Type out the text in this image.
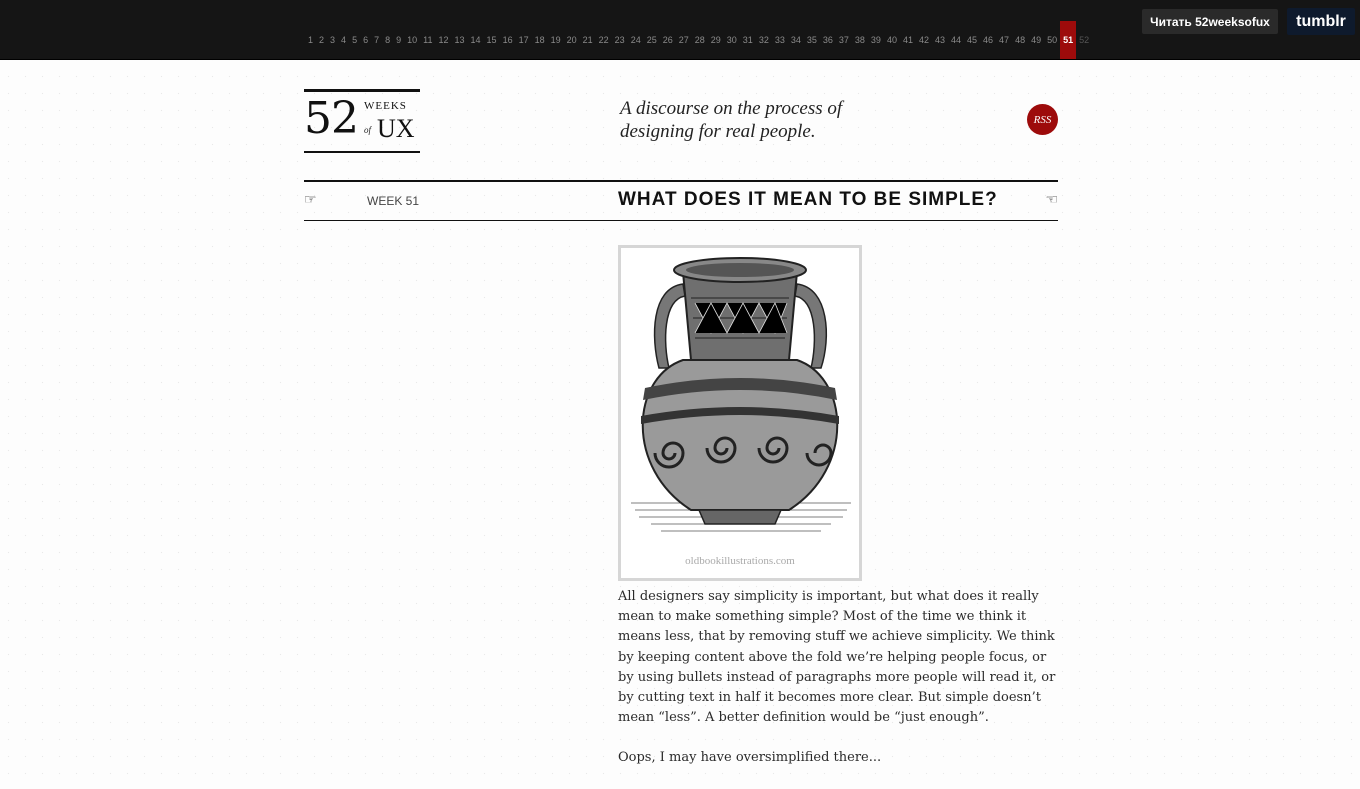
1 2 3 4 5 6 7 8 9 10 11 12 13 14 15 16 17 18 19 20 21 22 23 24 25 26 27 28 29 30 31 32 33 34 35 36 37 38 39 40 41 42 43 44 45 46 47 48 49 50 51 52
Читать 52weeksofux	tumblr
52 WEEKS
of UX
A discourse on the process of designing for real people.
RSS
☞	WEEK 51	WHAT DOES IT MEAN TO BE SIMPLE?	☜
oldbookillustrations.com

All designers say simplicity is important, but what does it really mean to make something simple? Most of the time we think it means less, that by removing stuff we achieve simplicity. We think by keeping content above the fold we’re helping people focus, or by using bullets instead of paragraphs more people will read it, or by cutting text in half it becomes more clear. But simple doesn’t mean “less”. A better definition would be “just enough”.

Oops, I may have oversimplified there...
